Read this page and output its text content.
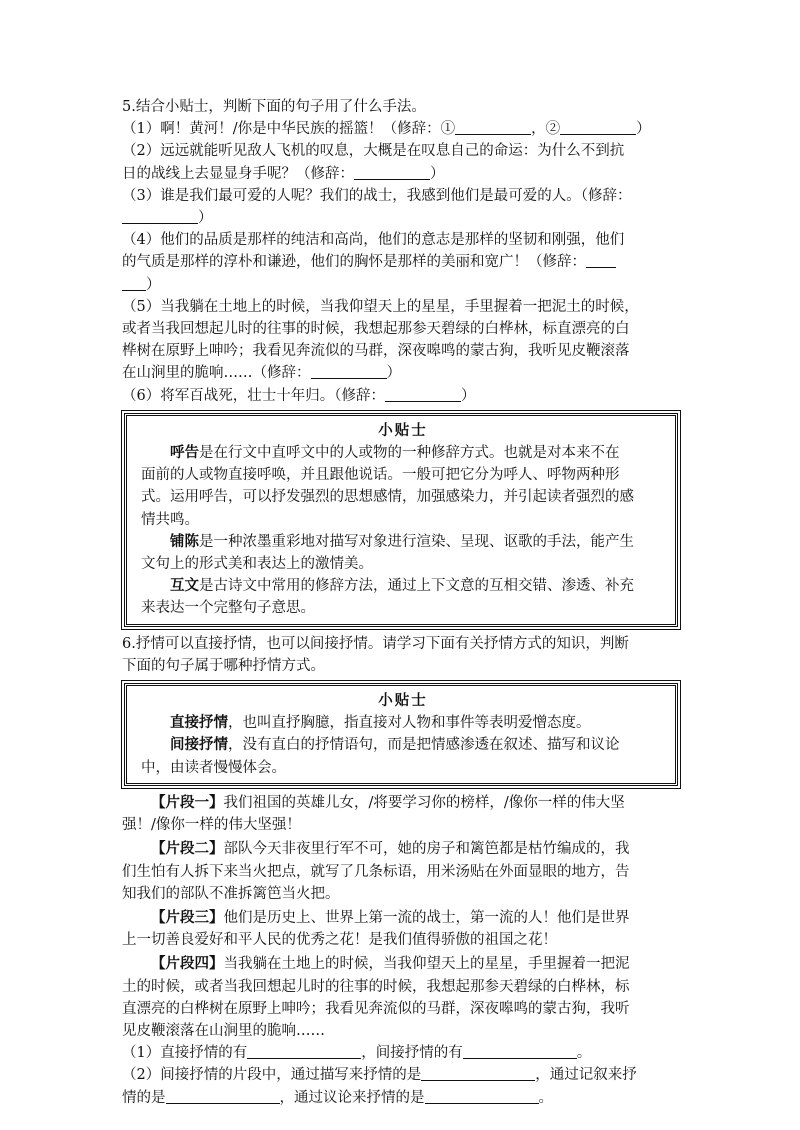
5.结合小贴士，判断下面的句子用了什么手法。

（1）啊！黄河！/你是中华民族的摇篮！（修辞：①	，②	）

（2）远远就能听见敌人飞机的叹息，大概是在叹息自己的命运：为什么不到抗
日的战线上去显显身手呢？（修辞：	）

（3）谁是我们最可爱的人呢？我们的战士，我感到他们是最可爱的人。（修辞：
）

（4）他们的品质是那样的纯洁和高尚，他们的意志是那样的坚韧和刚强，他们
的气质是那样的淳朴和谦逊，他们的胸怀是那样的美丽和宽广！（修辞：
）

（5）当我躺在土地上的时候，当我仰望天上的星星，手里握着一把泥土的时候，
或者当我回想起儿时的往事的时候，我想起那参天碧绿的白桦林，标直漂亮的白
桦树在原野上呻吟；我看见奔流似的马群，深夜嗥鸣的蒙古狗，我听见皮鞭滚落
在山涧里的脆响……（修辞：	）

（6）将军百战死，壮士十年归。（修辞：	）

小贴士

呼告是在行文中直呼文中的人或物的一种修辞方式。也就是对本来不在
面前的人或物直接呼唤，并且跟他说话。一般可把它分为呼人、呼物两种形
式。运用呼告，可以抒发强烈的思想感情，加强感染力，并引起读者强烈的感
情共鸣。

铺陈是一种浓墨重彩地对描写对象进行渲染、呈现、讴歌的手法，能产生
文句上的形式美和表达上的激情美。

互文是古诗文中常用的修辞方法，通过上下文意的互相交错、渗透、补充
来表达一个完整句子意思。

6.抒情可以直接抒情，也可以间接抒情。请学习下面有关抒情方式的知识，判断
下面的句子属于哪种抒情方式。

小贴士

直接抒情，也叫直抒胸臆，指直接对人物和事件等表明爱憎态度。

间接抒情，没有直白的抒情语句，而是把情感渗透在叙述、描写和议论
中，由读者慢慢体会。

【片段一】我们祖国的英雄儿女，/将要学习你的榜样，/像你一样的伟大坚
强！/像你一样的伟大坚强！

【片段二】部队今天非夜里行军不可，她的房子和篱笆都是枯竹编成的，我
们生怕有人拆下来当火把点，就写了几条标语，用米汤贴在外面显眼的地方，告
知我们的部队不准拆篱笆当火把。

【片段三】他们是历史上、世界上第一流的战士，第一流的人！他们是世界
上一切善良爱好和平人民的优秀之花！是我们值得骄傲的祖国之花！

【片段四】当我躺在土地上的时候，当我仰望天上的星星，手里握着一把泥
土的时候，或者当我回想起儿时的往事的时候，我想起那参天碧绿的白桦林，标
直漂亮的白桦树在原野上呻吟；我看见奔流似的马群，深夜嗥鸣的蒙古狗，我听
见皮鞭滚落在山涧里的脆响……

（1）直接抒情的有	，间接抒情的有	。

（2）间接抒情的片段中，通过描写来抒情的是	，通过记叙来抒
情的是	，通过议论来抒情的是	。
